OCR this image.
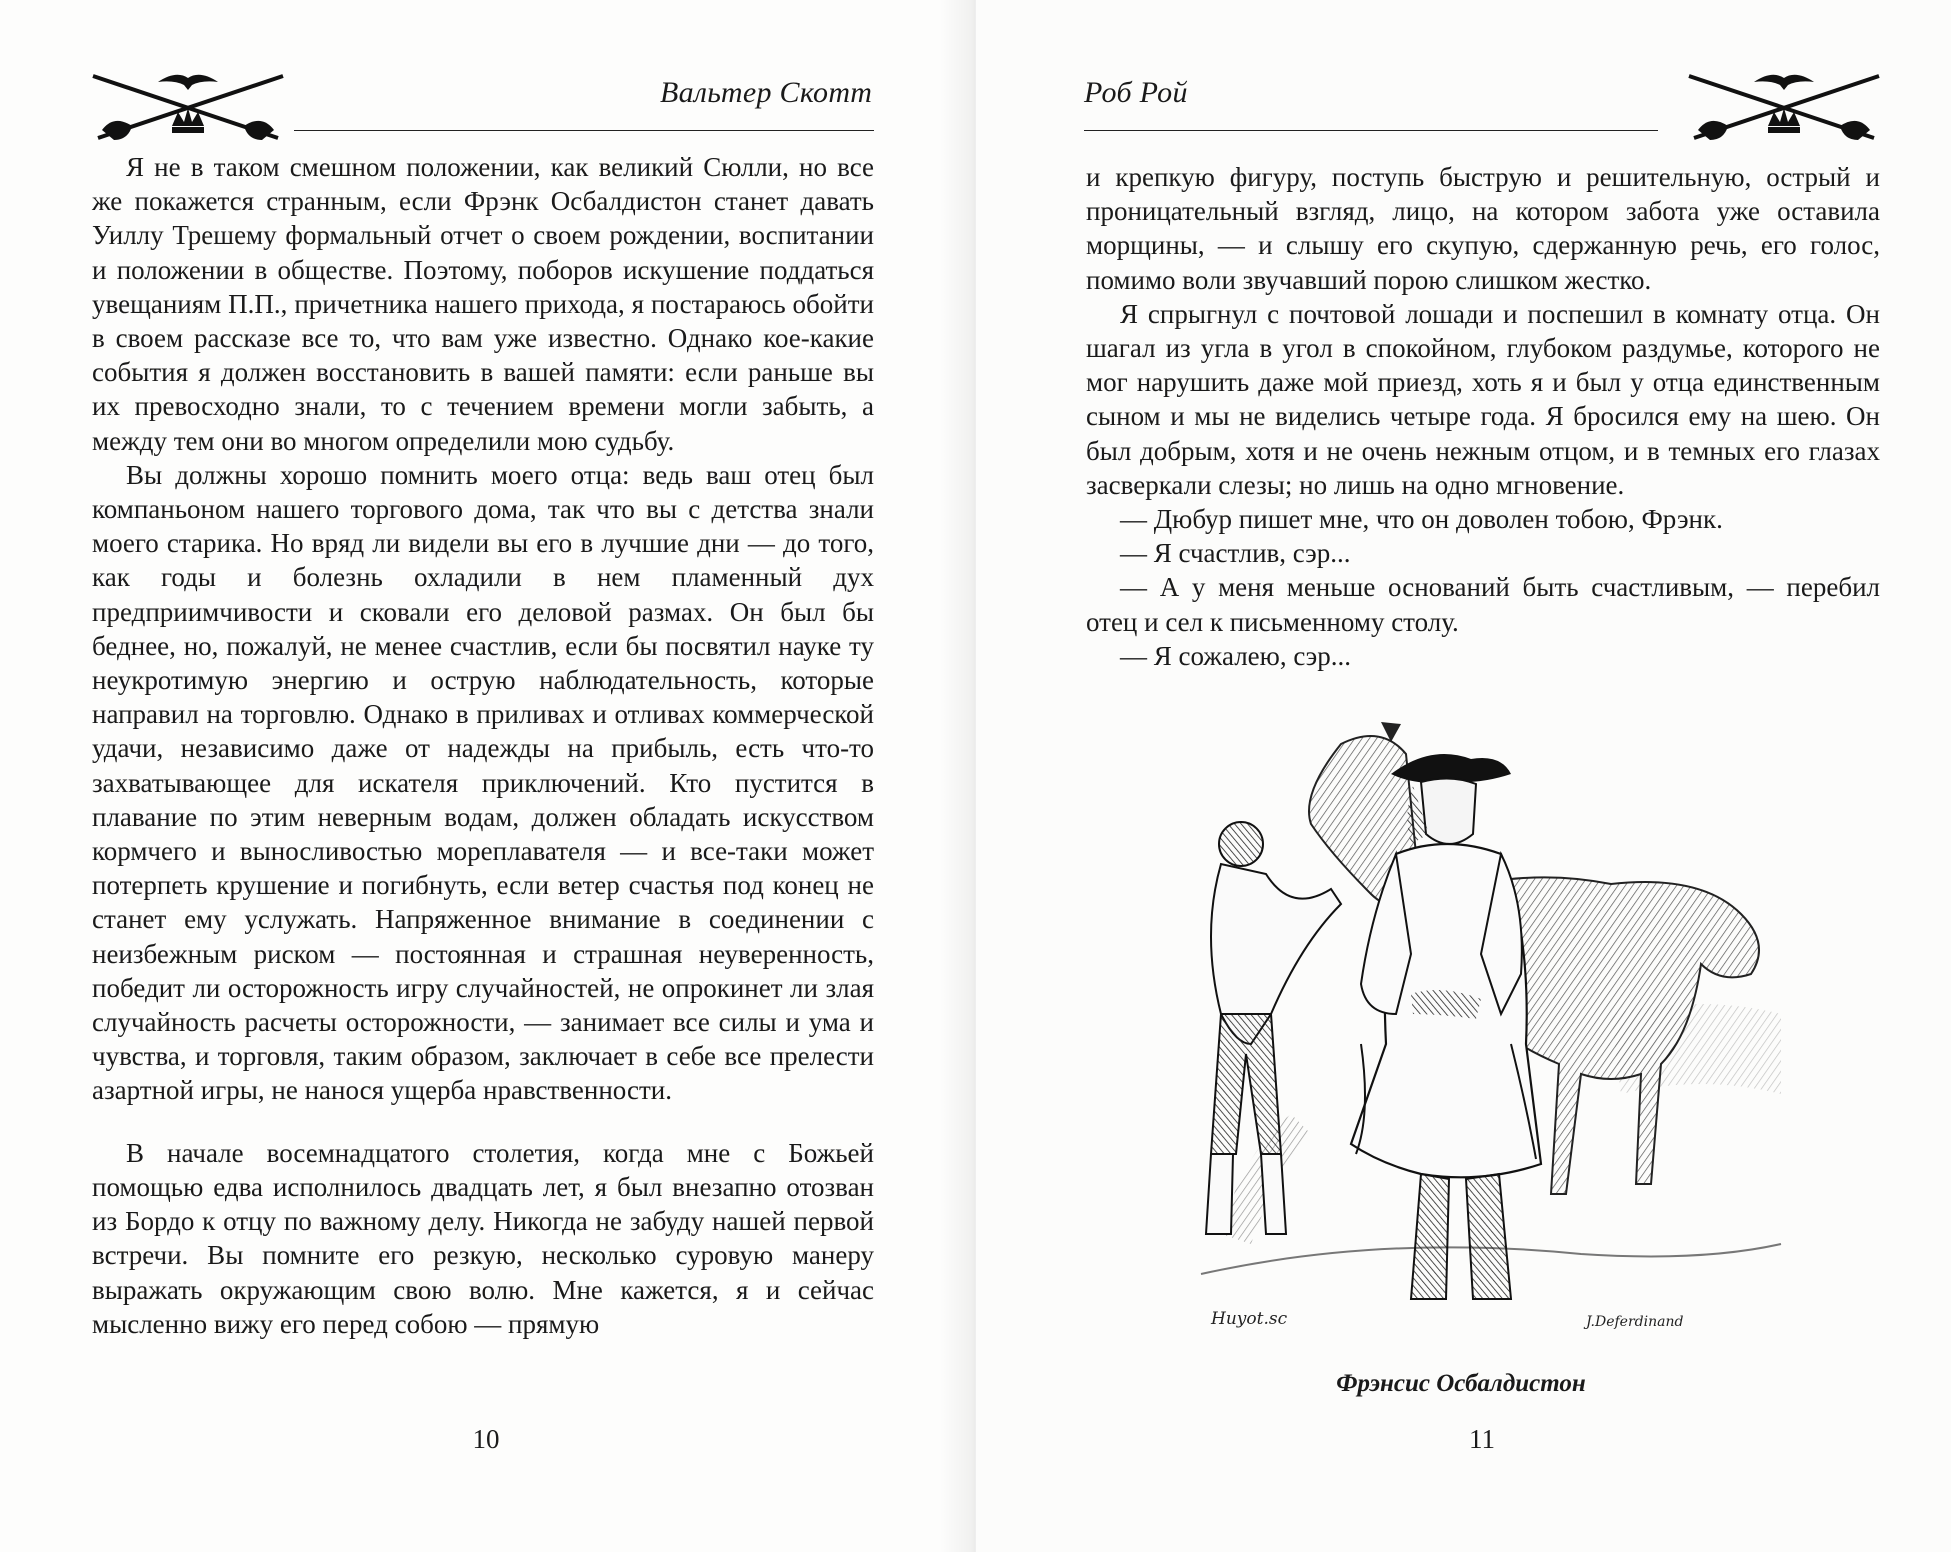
Вальтер Скотт

Я не в таком смешном положении, как великий Сюлли, но все же покажется странным, если Фрэнк Осбалдистон станет давать Уиллу Трешему формальный отчет о своем рождении, воспитании и положении в обществе. Поэтому, поборов искушение поддаться увещаниям П.П., причетника нашего прихода, я постараюсь обойти в своем рассказе все то, что вам уже известно. Однако кое-какие события я должен восстановить в вашей памяти: если раньше вы их превосходно знали, то с течением времени могли забыть, а между тем они во многом определили мою судьбу.

Вы должны хорошо помнить моего отца: ведь ваш отец был компаньоном нашего торгового дома, так что вы с детства знали моего старика. Но вряд ли видели вы его в лучшие дни — до того, как годы и болезнь охладили в нем пламенный дух предприимчивости и сковали его деловой размах. Он был бы беднее, но, пожалуй, не менее счастлив, если бы посвятил науке ту неукротимую энергию и острую наблюдательность, которые направил на торговлю. Однако в приливах и отливах коммерческой удачи, независимо даже от надежды на прибыль, есть что-то захватывающее для искателя приключений. Кто пустится в плавание по этим неверным водам, должен обладать искусством кормчего и выносливостью мореплавателя — и все-таки может потерпеть крушение и погибнуть, если ветер счастья под конец не станет ему услужать. Напряженное внимание в соединении с неизбежным риском — постоянная и страшная неуверенность, победит ли осторожность игру случайностей, не опрокинет ли злая случайность расчеты осторожности, — занимает все силы и ума и чувства, и торговля, таким образом, заключает в себе все прелести азартной игры, не нанося ущерба нравственности.

В начале восемнадцатого столетия, когда мне с Божьей помощью едва исполнилось двадцать лет, я был внезапно отозван из Бордо к отцу по важному делу. Никогда не забуду нашей первой встречи. Вы помните его резкую, несколько суровую манеру выражать окружающим свою волю. Мне кажется, я и сейчас мысленно вижу его перед собою — прямую

10
Роб Рой

и крепкую фигуру, поступь быструю и решительную, острый и проницательный взгляд, лицо, на котором забота уже оставила морщины, — и слышу его скупую, сдержанную речь, его голос, помимо воли звучавший порою слишком жестко.

Я спрыгнул с почтовой лошади и поспешил в комнату отца. Он шагал из угла в угол в спокойном, глубоком раздумье, которого не мог нарушить даже мой приезд, хоть я и был у отца единственным сыном и мы не виделись четыре года. Я бросился ему на шею. Он был добрым, хотя и не очень нежным отцом, и в темных его глазах засверкали слезы; но лишь на одно мгновение.

— Дюбур пишет мне, что он доволен тобою, Фрэнк.

— Я счастлив, сэр...

— А у меня меньше оснований быть счастливым, — перебил отец и сел к письменному столу.

— Я сожалею, сэр...

Huyot.sc	J.Deferdinand
Фрэнсис Осбалдистон
11
